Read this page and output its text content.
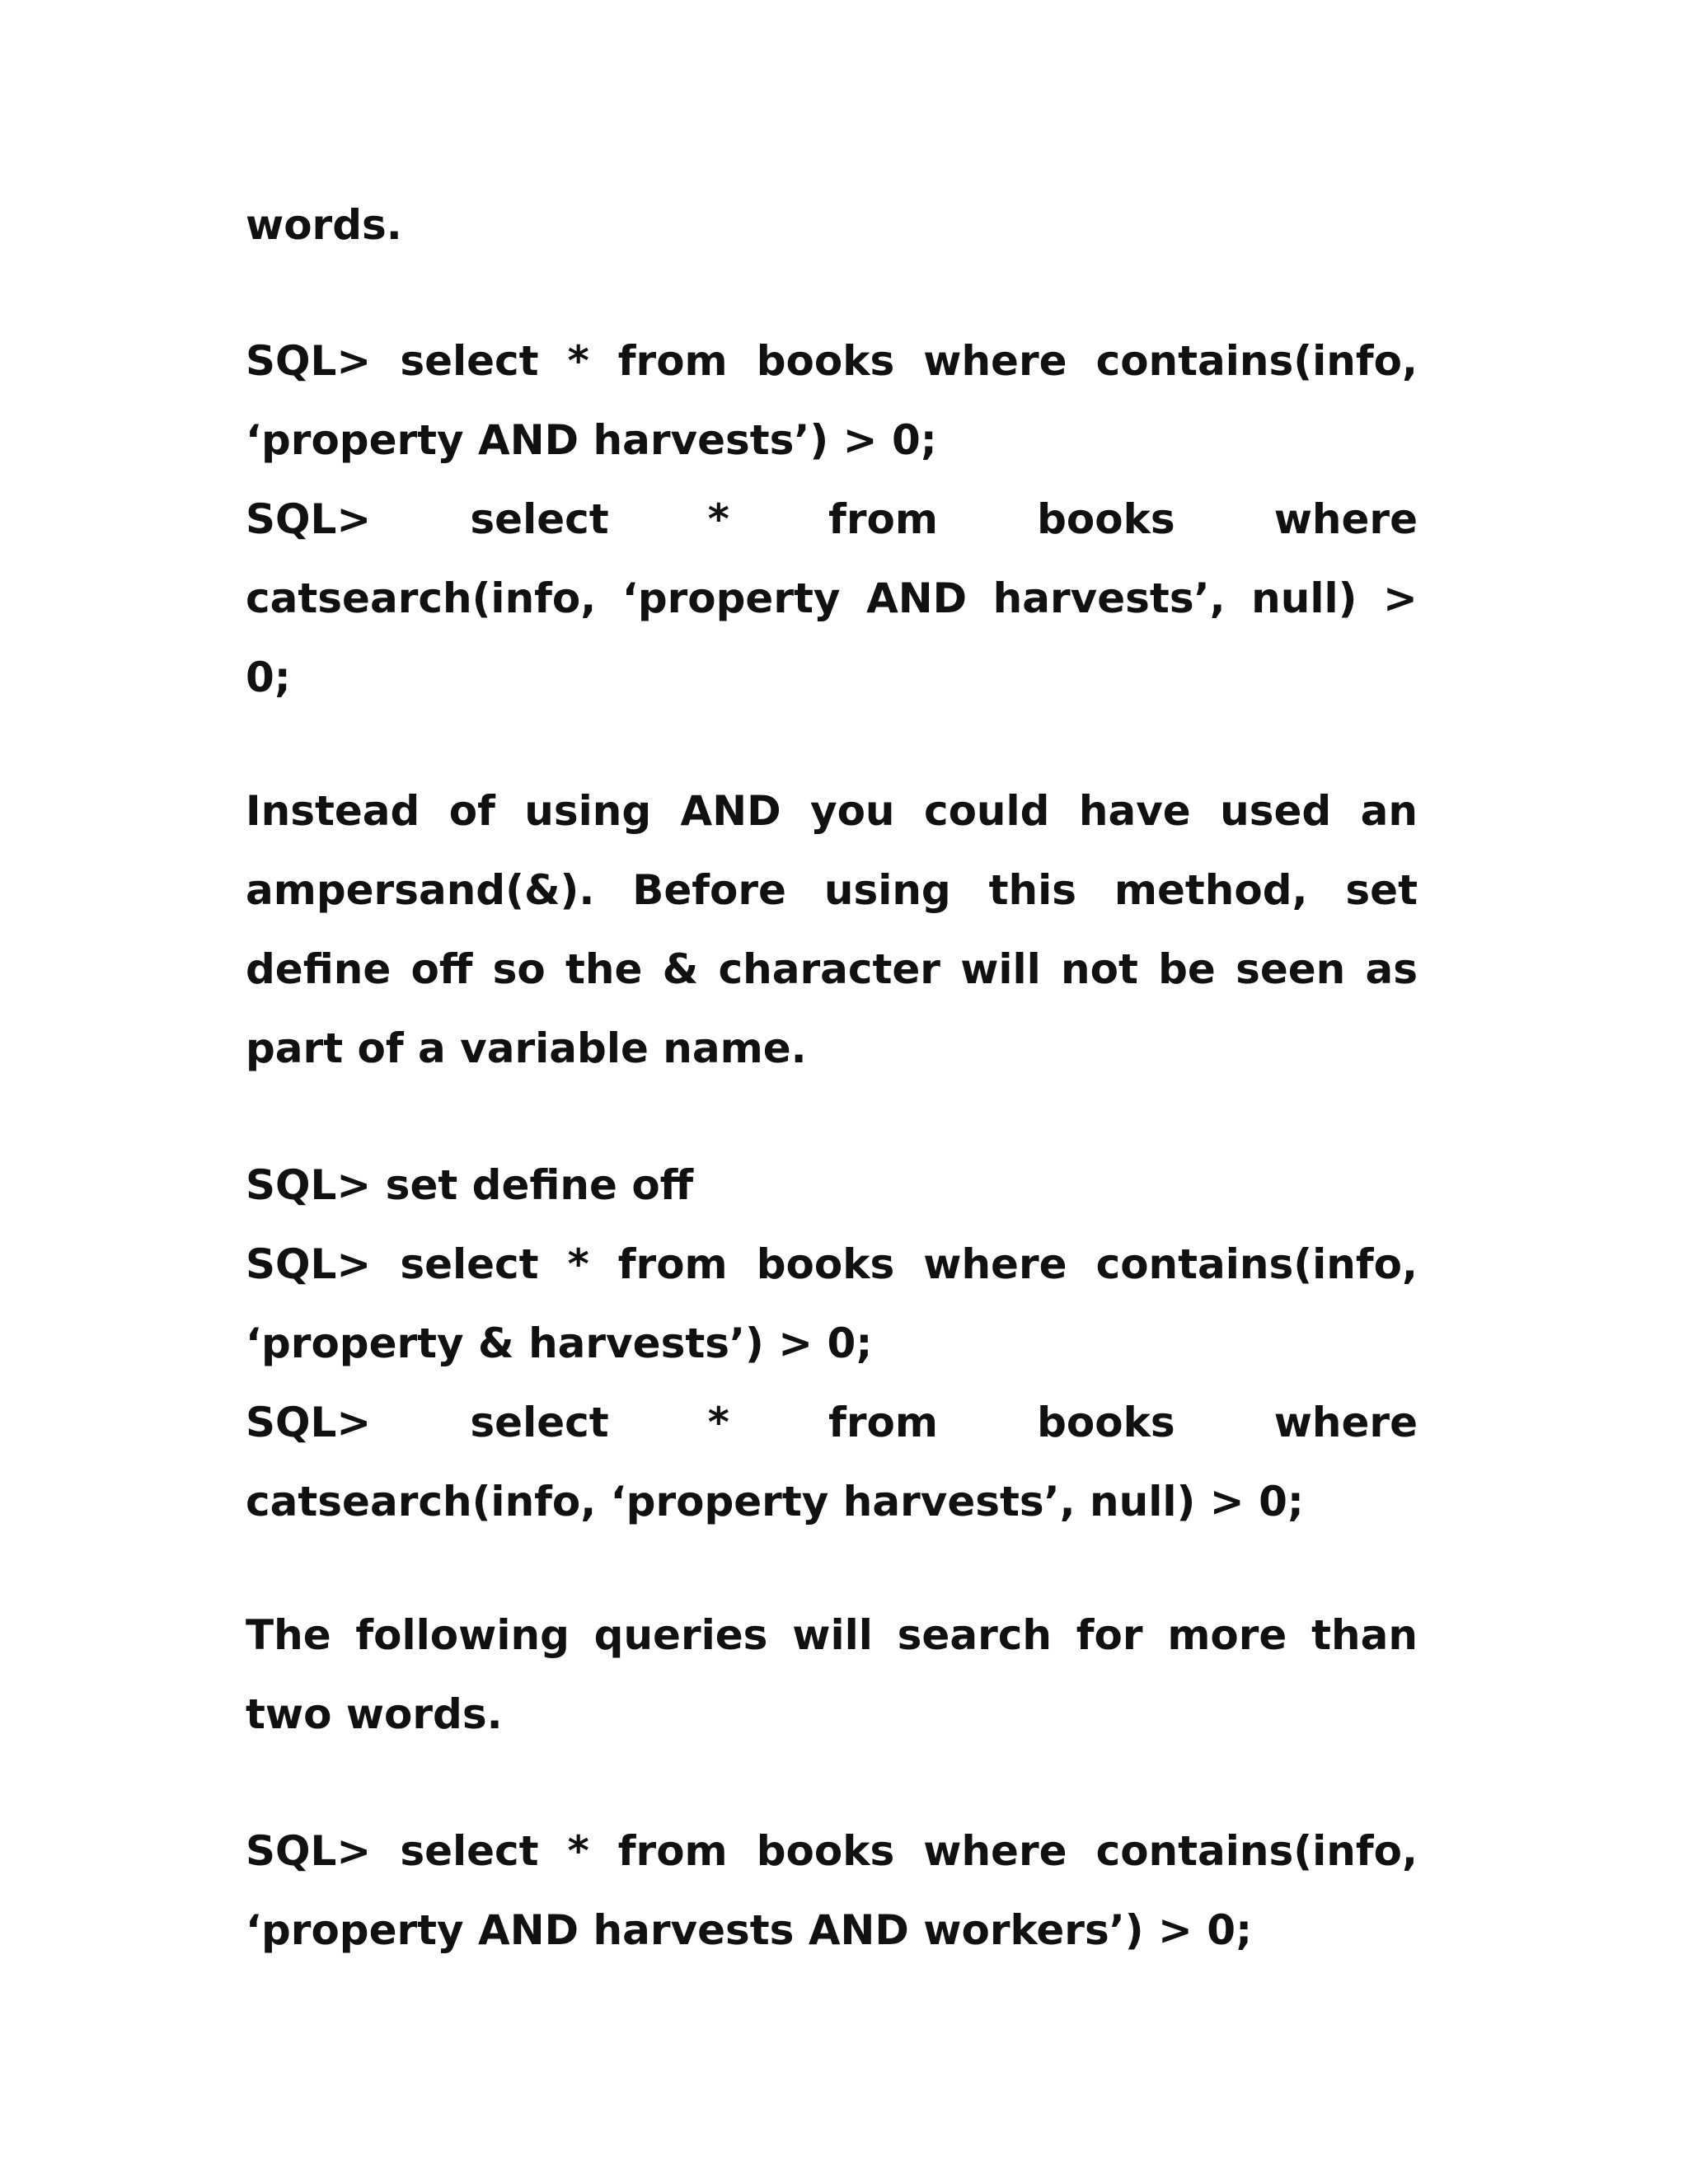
words.

SQL> select * from books where contains(info,

‘property AND harvests’) > 0;

SQL> select * from books where

catsearch(info, ‘property AND harvests’, null) >

0;

Instead of using AND you could have used an

ampersand(&). Before using this method, set

define off so the & character will not be seen as

part of a variable name.

SQL> set define off

SQL> select * from books where contains(info,

‘property & harvests’) > 0;

SQL> select * from books where

catsearch(info, ‘property harvests’, null) > 0;

The following queries will search for more than

two words.

SQL> select * from books where contains(info,

‘property AND harvests AND workers’) > 0;
